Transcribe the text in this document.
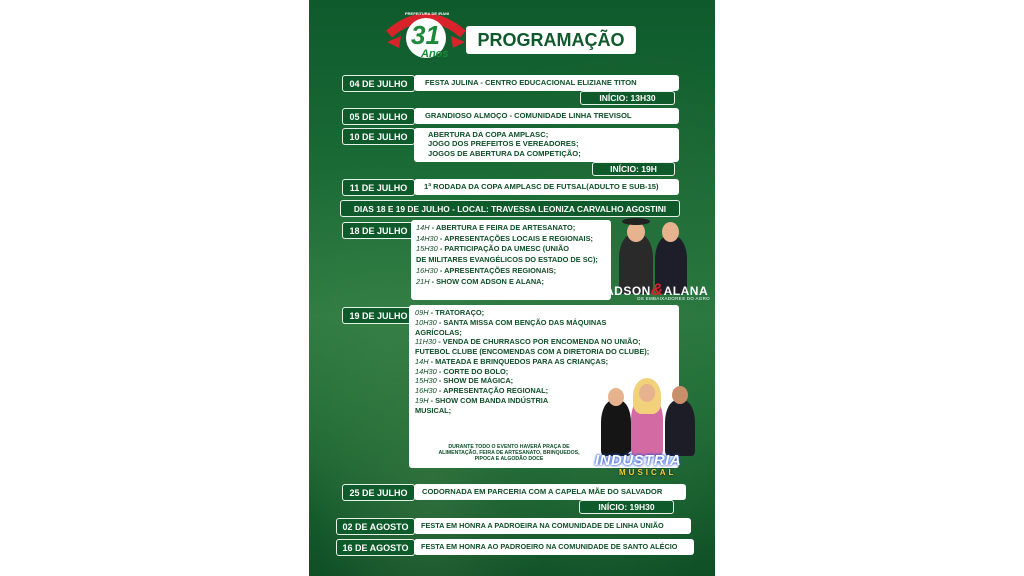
PREFEITURA DE IRANI
31
Anos
PROGRAMAÇÃO
04 DE JULHO	FESTA JULINA - CENTRO EDUCACIONAL ELIZIANE TITON
INÍCIO: 13H30
05 DE JULHO	GRANDIOSO ALMOÇO - COMUNIDADE LINHA TREVISOL
10 DE JULHO	ABERTURA DA COPA AMPLASC;
JOGO DOS PREFEITOS E VEREADORES;
JOGOS DE ABERTURA DA COMPETIÇÃO;
INÍCIO: 19H
11 DE JULHO	1ª RODADA DA COPA AMPLASC DE FUTSAL(ADULTO E SUB-15)
DIAS 18 E 19 DE JULHO - LOCAL: TRAVESSA LEONIZA CARVALHO AGOSTINI
18 DE JULHO	14H - ABERTURA E FEIRA DE ARTESANATO;
14H30 - APRESENTAÇÕES LOCAIS E REGIONAIS;
15H30 - PARTICIPAÇÃO DA UMESC (UNIÃO
DE MILITARES EVANGÉLICOS DO ESTADO DE SC);
16H30 - APRESENTAÇÕES REGIONAIS;
21H - SHOW COM ADSON E ALANA;
ADSON&ALANA
OS EMBAIXADORES DO AGRO
19 DE JULHO	09H - TRATORAÇO;
10H30 - SANTA MISSA COM BENÇÃO DAS MÁQUINAS
AGRÍCOLAS;
11H30 - VENDA DE CHURRASCO POR ENCOMENDA NO UNIÃO;
FUTEBOL CLUBE (ENCOMENDAS COM A DIRETORIA DO CLUBE);
14H - MATEADA E BRINQUEDOS PARA AS CRIANÇAS;
14H30 - CORTE DO BOLO;
15H30 - SHOW DE MÁGICA;
16H30 - APRESENTAÇÃO REGIONAL;
19H - SHOW COM BANDA INDÚSTRIA
MUSICAL;
DURANTE TODO O EVENTO HAVERÁ PRAÇA DE
ALIMENTAÇÃO, FEIRA DE ARTESANATO, BRINQUEDOS,
PIPOCA E ALGODÃO DOCE	INDÚSTRIA
MUSICAL
25 DE JULHO	CODORNADA EM PARCERIA COM A CAPELA MÃE DO SALVADOR
INÍCIO: 19H30
02 DE AGOSTO	FESTA EM HONRA A PADROEIRA NA COMUNIDADE DE LINHA UNIÃO
16 DE AGOSTO	FESTA EM HONRA AO PADROEIRO NA COMUNIDADE DE SANTO ALÉCIO
